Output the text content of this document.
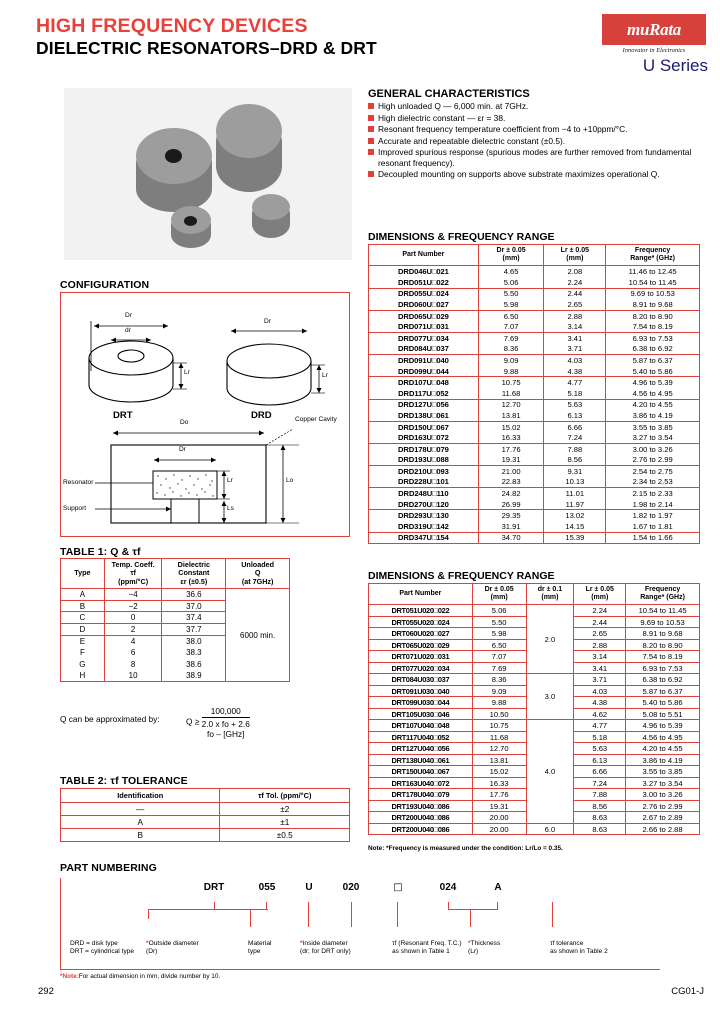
HIGH FREQUENCY DEVICES
DIELECTRIC RESONATORS–DRD & DRT
muRata
Innovator in Electronics
U Series
CONFIGURATION
DRT	DRD
Dr
dr
Lr
Dr
Lr
Do
Dr
Lr
Ls
Lo
Copper Cavity
Resonator
Support
TABLE 1: Q & τf
Type	
Temp. Coeff.
τf
(ppm/°C)

Dielectric
Constant
εr (±0.5)

Unloaded
Q
(at 7GHz)

A	−4	36.6	6000 min.
B	−2	37.0	
C	0	37.4	
D	2	37.7	
E	4	38.0	
F	6	38.3	
G	8	38.6	
H	10	38.9	
Q can be approximated by:	Q ≥
100,000
2.0 x fo + 2.6
fo – [GHz]
TABLE 2: τf TOLERANCE
Identification	τf Tol. (ppm/°C)
—	±2
A	±1
B	±0.5
PART NUMBERING
DRT	055	U	020	□	024	A
DRD = disk type
DRT = cylindrical type
*Outside diameter
(Dr)
Material
type
*Inside diameter
(dr; for DRT only)
τf (Resonant Freq. T.C.)
as shown in Table 1
*Thickness
(Lr)
τf tolerance
as shown in Table 2
*Note:For actual dimension in mm, divide number by 10.
GENERAL CHARACTERISTICS
High unloaded Q — 6,000 min. at 7GHz.
High dielectric constant — εr = 38.
Resonant frequency temperature coefficient from −4 to +10ppm/°C.
Accurate and repeatable dielectric constant (±0.5).
Improved spurious response (spurious modes are further removed from fundamental resonant frequency).
Decoupled mounting on supports above substrate maximizes operational Q.
DIMENSIONS & FREQUENCY RANGE
Part Number	
Dr ± 0.05
(mm)

Lr ± 0.05
(mm)

Frequency
Range* (GHz)

DRD046U□021	4.65	2.08	11.46 to 12.45
DRD051U□022	5.06	2.24	10.54 to 11.45
DRD055U□024	5.50	2.44	9.69 to 10.53
DRD060U□027	5.98	2.65	8.91 to 9.68
DRD065U□029	6.50	2.88	8.20 to 8.90
DRD071U□031	7.07	3.14	7.54 to 8.19
DRD077U□034	7.69	3.41	6.93 to 7.53
DRD084U□037	8.36	3.71	6.38 to 6.92
DRD091U□040	9.09	4.03	5.87 to 6.37
DRD099U□044	9.88	4.38	5.40 to 5.86
DRD107U□048	10.75	4.77	4.96 to 5.39
DRD117U□052	11.68	5.18	4.56 to 4.95
DRD127U□056	12.70	5.63	4.20 to 4.55
DRD138U□061	13.81	6.13	3.86 to 4.19
DRD150U□067	15.02	6.66	3.55 to 3.85
DRD163U□072	16.33	7.24	3.27 to 3.54
DRD178U□079	17.76	7.88	3.00 to 3.26
DRD193U□088	19.31	8.56	2.76 to 2.99
DRD210U□093	21.00	9.31	2.54 to 2.75
DRD228U□101	22.83	10.13	2.34 to 2.53
DRD248U□110	24.82	11.01	2.15 to 2.33
DRD270U□120	26.99	11.97	1.98 to 2.14
DRD293U□130	29.35	13.02	1.82 to 1.97
DRD319U□142	31.91	14.15	1.67 to 1.81
DRD347U□154	34.70	15.39	1.54 to 1.66
DIMENSIONS & FREQUENCY RANGE
Part Number	
Dr ± 0.05
(mm)

dr ± 0.1
(mm)

Lr ± 0.05
(mm)

Frequency
Range* (GHz)

DRT051U020□022	5.06	2.0	2.24	10.54 to 11.45
DRT055U020□024	5.50		2.44	9.69 to 10.53
DRT060U020□027	5.98		2.65	8.91 to 9.68
DRT065U020□029	6.50		2.88	8.20 to 8.90
DRT071U020□031	7.07		3.14	7.54 to 8.19
DRT077U020□034	7.69		3.41	6.93 to 7.53
DRT084U030□037	8.36	3.0	3.71	6.38 to 6.92
DRT091U030□040	9.09		4.03	5.87 to 6.37
DRT099U030□044	9.88		4.38	5.40 to 5.86
DRT105U030□046	10.50		4.62	5.08 to 5.51
DRT107U040□048	10.75	4.0	4.77	4.96 to 5.39
DRT117U040□052	11.68		5.18	4.56 to 4.95
DRT127U040□056	12.70		5.63	4.20 to 4.55
DRT138U040□061	13.81		6.13	3.86 to 4.19
DRT150U040□067	15.02		6.66	3.55 to 3.85
DRT163U040□072	16.33		7.24	3.27 to 3.54
DRT178U040□079	17.76		7.88	3.00 to 3.26
DRT193U040□086	19.31		8.56	2.76 to 2.99
DRT200U040□086	20.00		8.63	2.67 to 2.89
DRT200U040□086	20.00	6.0	8.63	2.66 to 2.88
Note: *Frequency is measured under the condition: Lr/Lo = 0.35.
292	CG01-J
